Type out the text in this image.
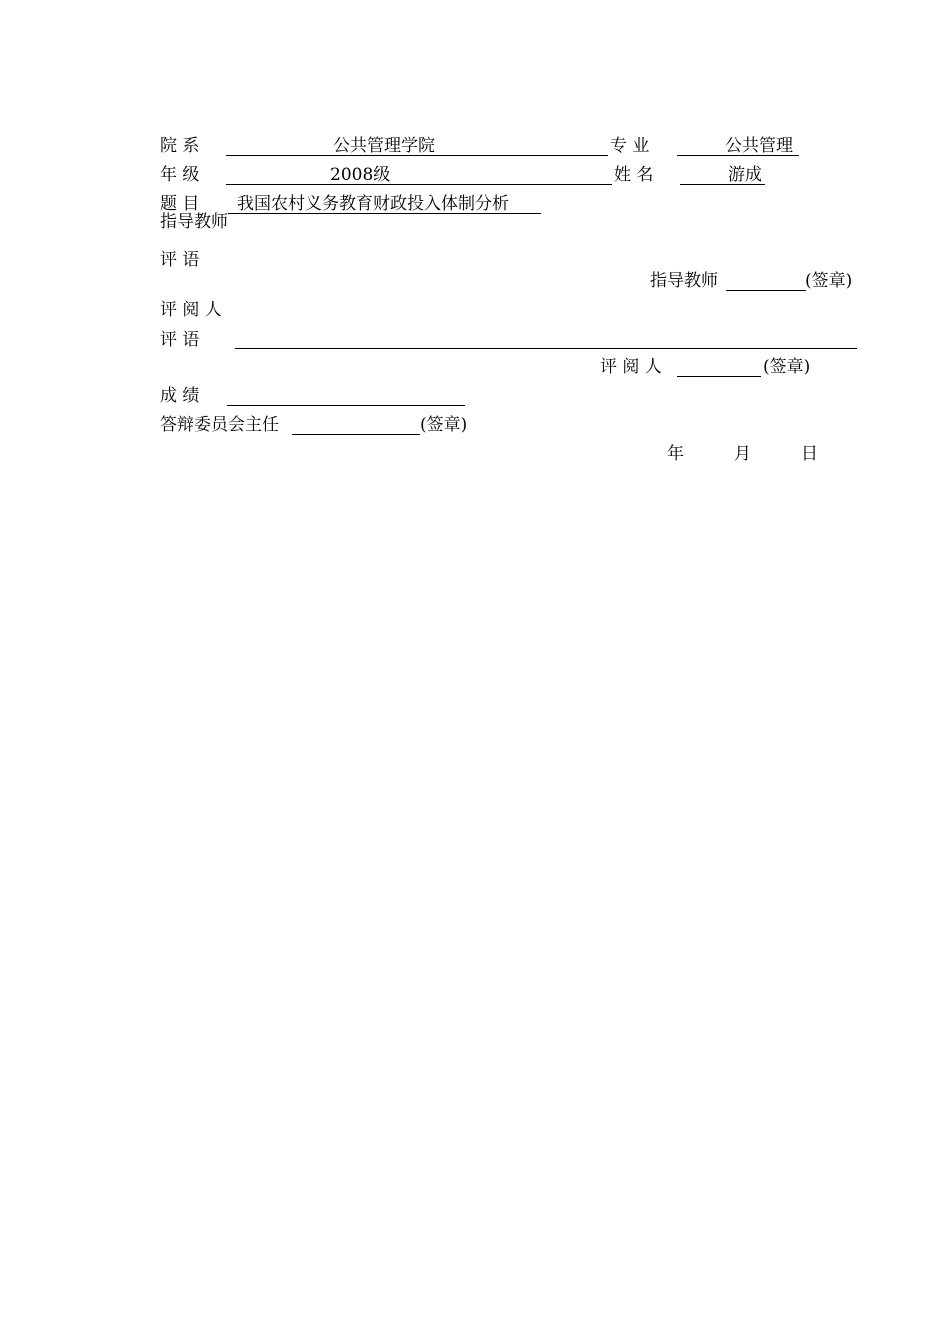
院 系	公共管理学院	专 业	公共管理
年 级	2008级	姓 名	游成
题 目 我国农村义务教育财政投入体制分析
指导教师
评 语
指导教师	(签章)
评 阅 人
评 语
评 阅 人	(签章)
成 绩
答辩委员会主任	(签章)
年	月	日
